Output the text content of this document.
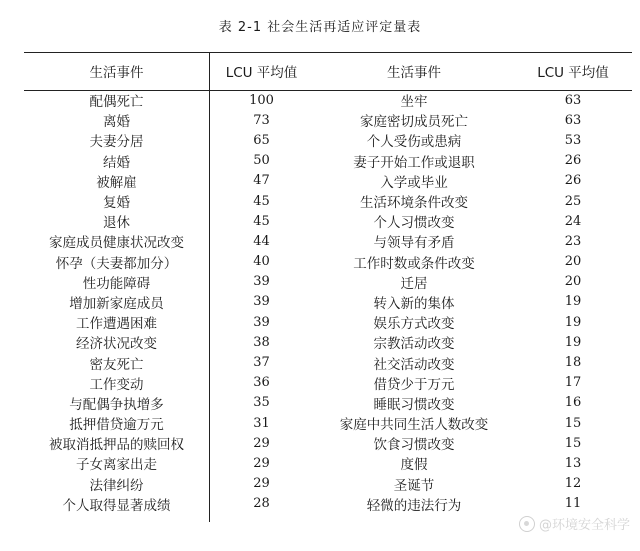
表 2-1 社会生活再适应评定量表
生活事件	LCU 平均值	生活事件	LCU 平均值
配偶死亡	100	坐牢	63
离婚	73	家庭密切成员死亡	63
夫妻分居	65	个人受伤或患病	53
结婚	50	妻子开始工作或退职	26
被解雇	47	入学或毕业	26
复婚	45	生活环境条件改变	25
退休	45	个人习惯改变	24
家庭成员健康状况改变	44	与领导有矛盾	23
怀孕（夫妻都加分）	40	工作时数或条件改变	20
性功能障碍	39	迁居	20
增加新家庭成员	39	转入新的集体	19
工作遭遇困难	39	娱乐方式改变	19
经济状况改变	38	宗教活动改变	19
密友死亡	37	社交活动改变	18
工作变动	36	借贷少于万元	17
与配偶争执增多	35	睡眠习惯改变	16
抵押借贷逾万元	31	家庭中共同生活人数改变	15
被取消抵押品的赎回权	29	饮食习惯改变	15
子女离家出走	29	度假	13
法律纠纷	29	圣诞节	12
个人取得显著成绩	28	轻微的违法行为	11
@环境安全科学
